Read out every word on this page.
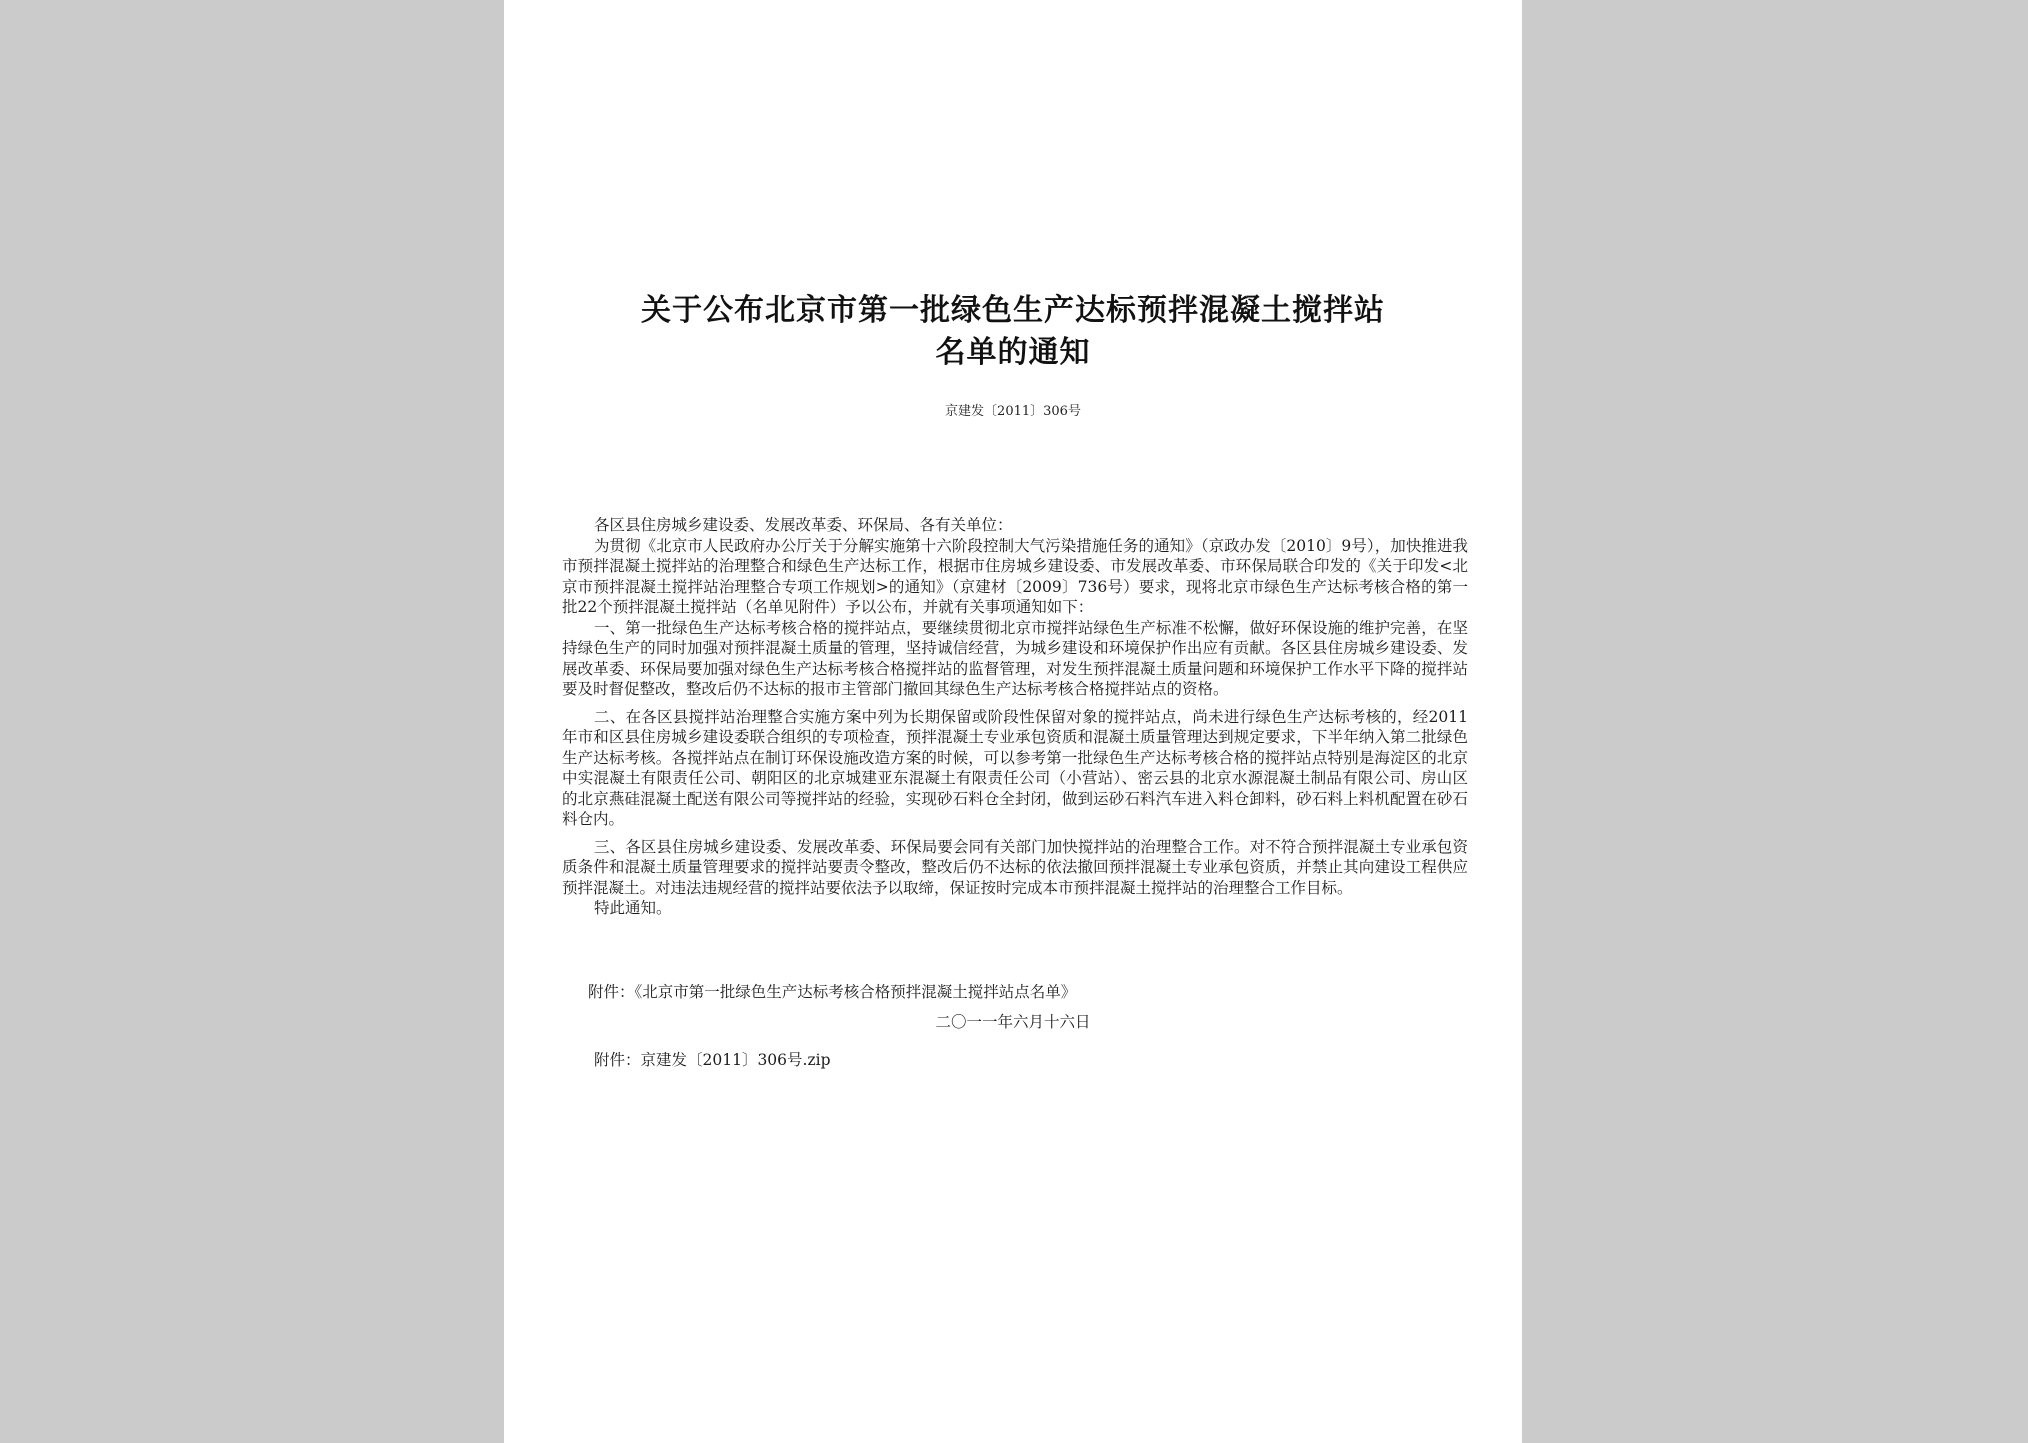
关于公布北京市第一批绿色生产达标预拌混凝土搅拌站
名单的通知
京建发〔2011〕306号

各区县住房城乡建设委、发展改革委、环保局、各有关单位：

为贯彻《北京市人民政府办公厅关于分解实施第十六阶段控制大气污染措施任务的通知》（京政办发〔2010〕9号），加快推进我市预拌混凝土搅拌站的治理整合和绿色生产达标工作，根据市住房城乡建设委、市发展改革委、市环保局联合印发的《关于印发<北京市预拌混凝土搅拌站治理整合专项工作规划>的通知》（京建材〔2009〕736号）要求，现将北京市绿色生产达标考核合格的第一批22个预拌混凝土搅拌站（名单见附件）予以公布，并就有关事项通知如下：

一、第一批绿色生产达标考核合格的搅拌站点，要继续贯彻北京市搅拌站绿色生产标准不松懈，做好环保设施的维护完善，在坚持绿色生产的同时加强对预拌混凝土质量的管理，坚持诚信经营，为城乡建设和环境保护作出应有贡献。各区县住房城乡建设委、发展改革委、环保局要加强对绿色生产达标考核合格搅拌站的监督管理，对发生预拌混凝土质量问题和环境保护工作水平下降的搅拌站要及时督促整改，整改后仍不达标的报市主管部门撤回其绿色生产达标考核合格搅拌站点的资格。

二、在各区县搅拌站治理整合实施方案中列为长期保留或阶段性保留对象的搅拌站点，尚未进行绿色生产达标考核的，经2011年市和区县住房城乡建设委联合组织的专项检查，预拌混凝土专业承包资质和混凝土质量管理达到规定要求，下半年纳入第二批绿色生产达标考核。各搅拌站点在制订环保设施改造方案的时候，可以参考第一批绿色生产达标考核合格的搅拌站点特别是海淀区的北京中实混凝土有限责任公司、朝阳区的北京城建亚东混凝土有限责任公司（小营站）、密云县的北京水源混凝土制品有限公司、房山区的北京燕硅混凝土配送有限公司等搅拌站的经验，实现砂石料仓全封闭，做到运砂石料汽车进入料仓卸料，砂石料上料机配置在砂石料仓内。

三、各区县住房城乡建设委、发展改革委、环保局要会同有关部门加快搅拌站的治理整合工作。对不符合预拌混凝土专业承包资质条件和混凝土质量管理要求的搅拌站要责令整改，整改后仍不达标的依法撤回预拌混凝土专业承包资质，并禁止其向建设工程供应预拌混凝土。对违法违规经营的搅拌站要依法予以取缔，保证按时完成本市预拌混凝土搅拌站的治理整合工作目标。

特此通知。

附件：《北京市第一批绿色生产达标考核合格预拌混凝土搅拌站点名单》
二〇一一年六月十六日
附件：京建发〔2011〕306号.zip
